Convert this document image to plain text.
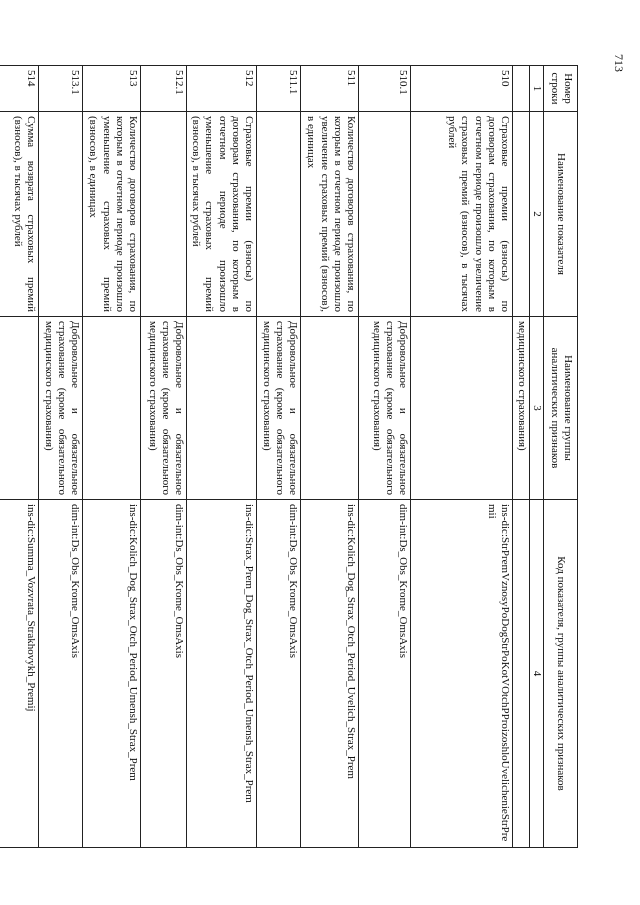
713
Номер строки	Наименование показателя	Наименование группы аналитических признаков	Код показателя, группы аналитических признаков
1	2	3	4
		медицинского страхования)	
510	Страховые премии (взносы) по договорам страхования, по которым в отчетном периоде произошло увеличение страховых премий (взносов), в тысячах рублей		ins-dic:StrPremVznosyPoDogStrPoKotVOtchPProizoshloUvelichenieStrPremii
510.1		Добровольное и обязательное страхование (кроме обязательного медицинского страхования)	dim-int:Ds_Obs_Krome_OmsAxis
511	Количество договоров страхования, по которым в отчетном периоде произошло увеличение страховых премий (взносов), в единицах		ins-dic:Kolich_Dog_Strax_Otch_Period_Uvelich_Strax_Prem
511.1		Добровольное и обязательное страхование (кроме обязательного медицинского страхования)	dim-int:Ds_Obs_Krome_OmsAxis
512	Страховые премии (взносы) по договорам страхования, по которым в отчетном периоде произошло уменьшение страховых премий (взносов), в тысячах рублей		ins-dic:Strax_Prem_Dog_Strax_Otch_Period_Umensh_Strax_Prem
512.1		Добровольное и обязательное страхование (кроме обязательного медицинского страхования)	dim-int:Ds_Obs_Krome_OmsAxis
513	Количество договоров страхования, по которым в отчетном периоде произошло уменьшение страховых премий (взносов), в единицах		ins-dic:Kolich_Dog_Strax_Otch_Period_Umensh_Strax_Prem
513.1		Добровольное и обязательное страхование (кроме обязательного медицинского страхования)	dim-int:Ds_Obs_Krome_OmsAxis
514	Сумма возврата страховых премий (взносов), в тысячах рублей		ins-dic:Summa_Vozvrata_Strakhovykh_Premij
